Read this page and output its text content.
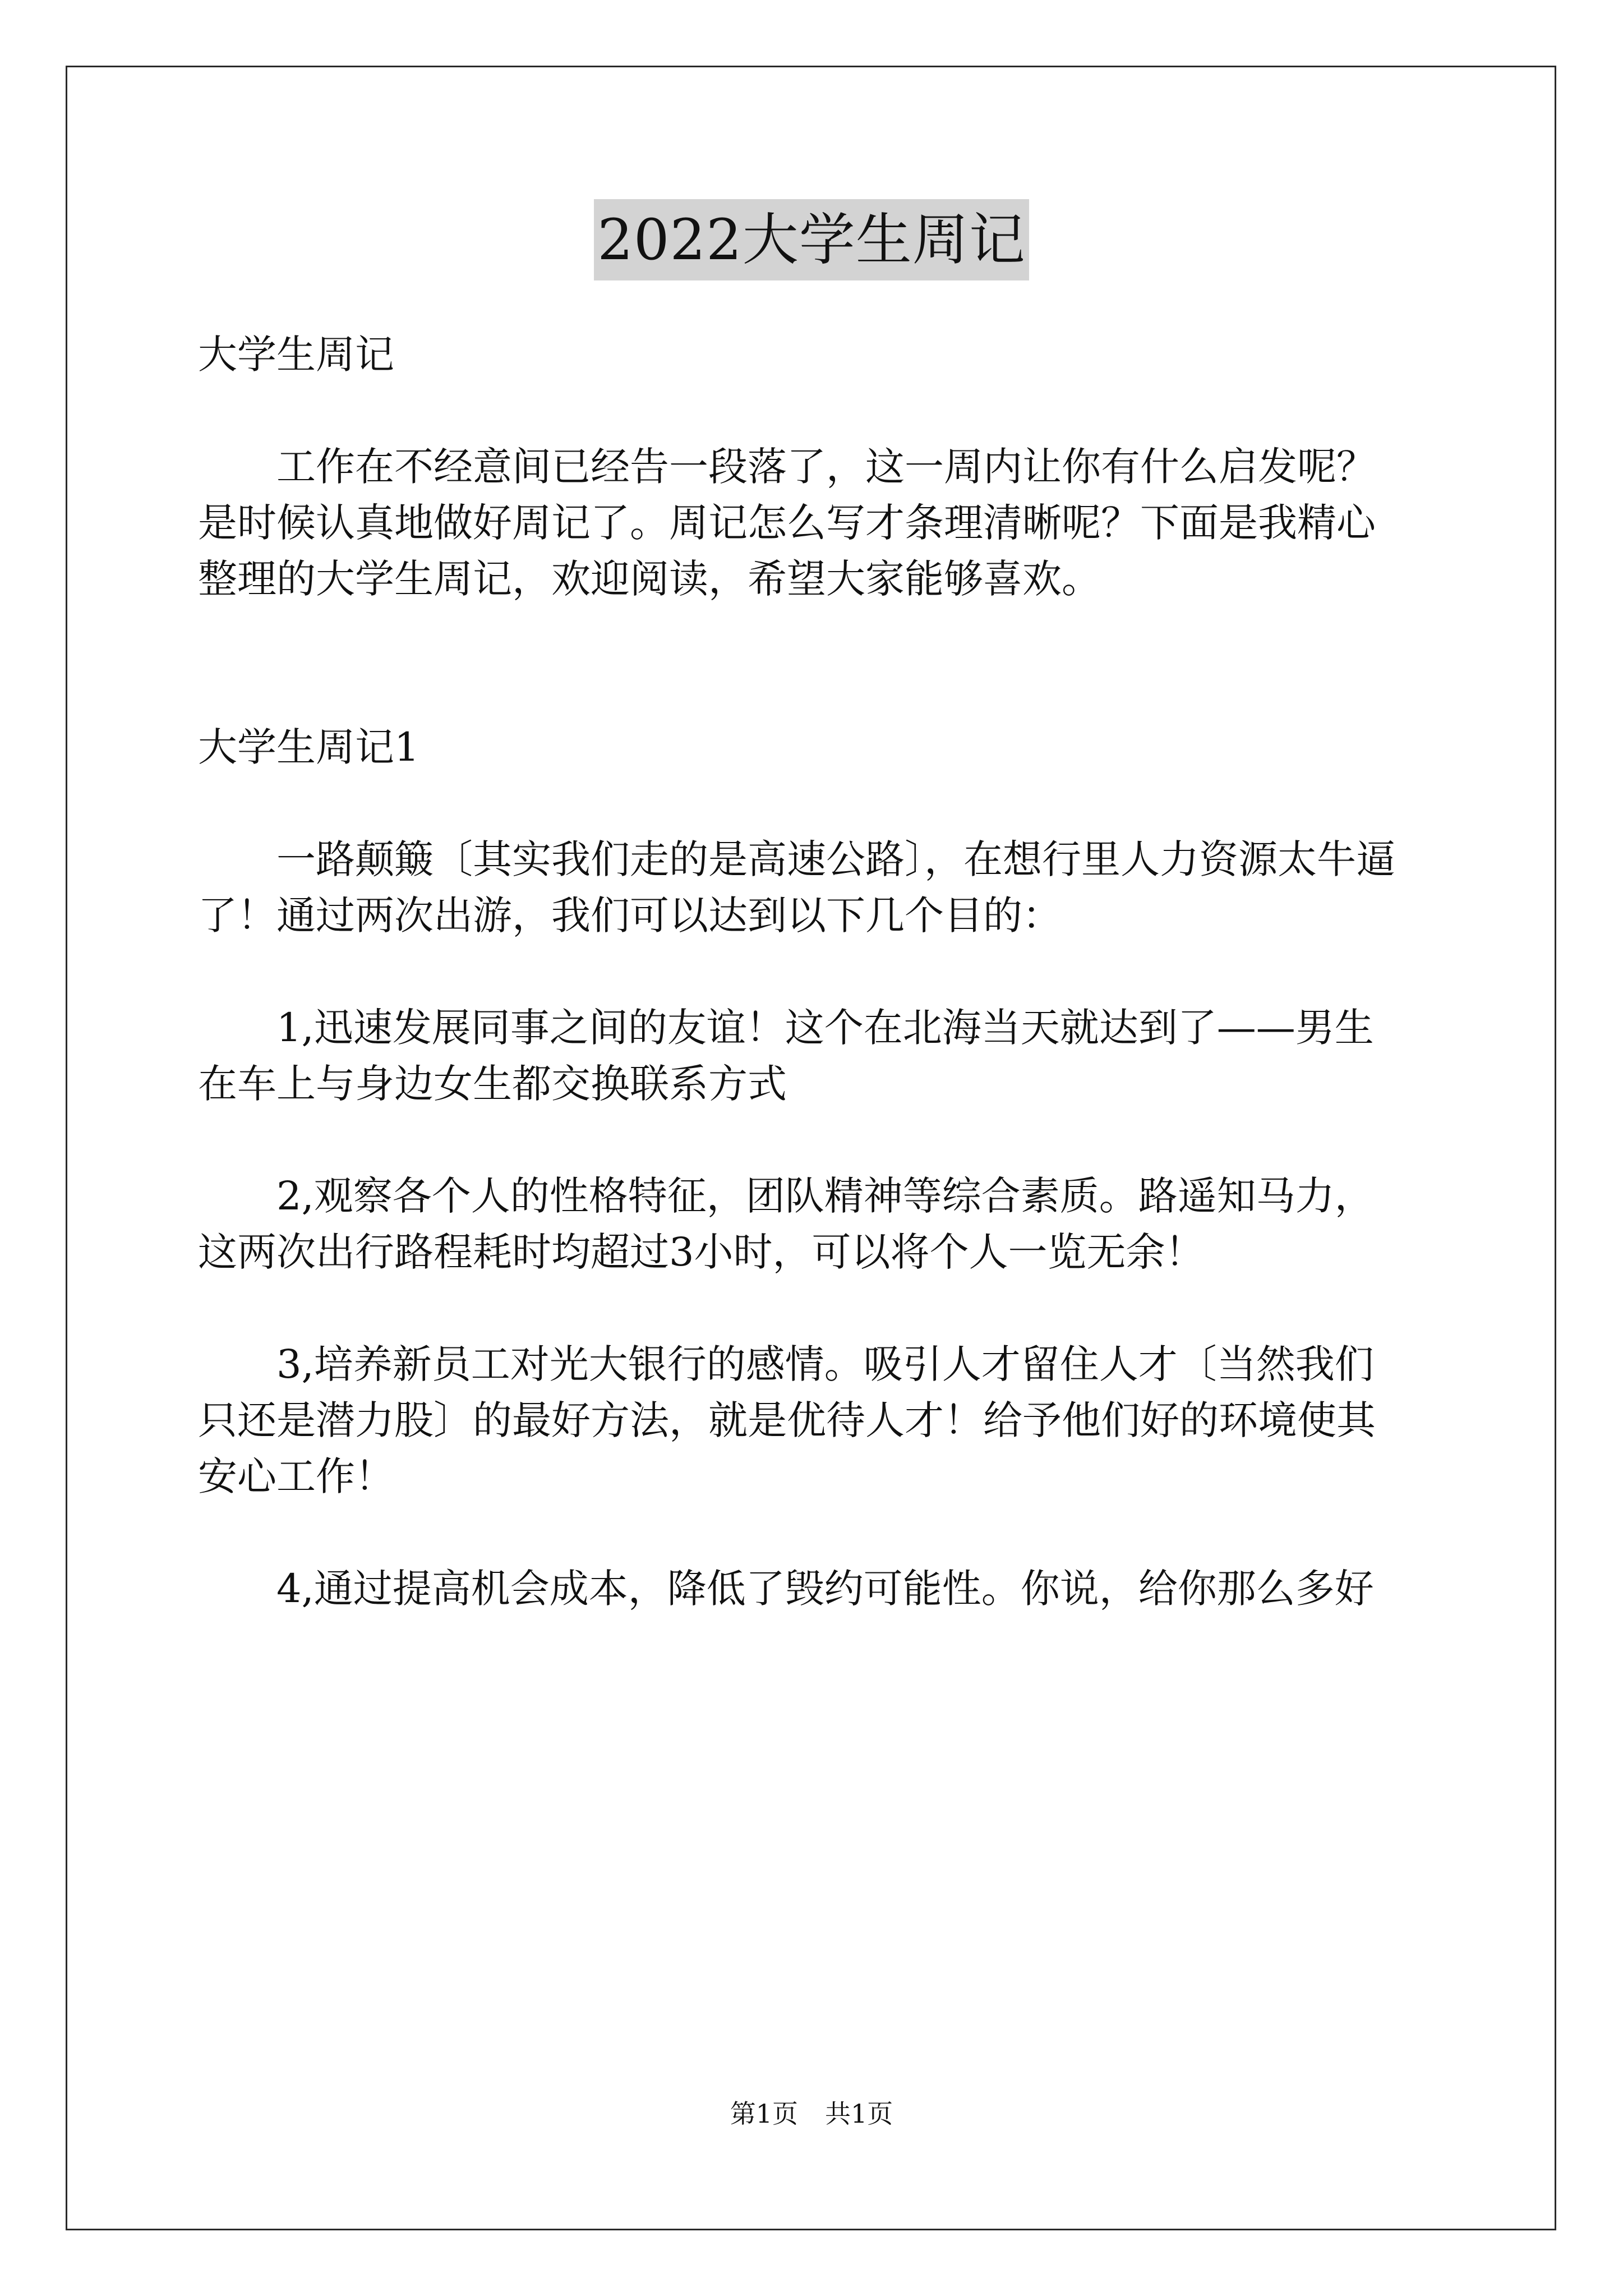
2022大学生周记

大学生周记

工作在不经意间已经告一段落了，这一周内让你有什么启发呢？
是时候认真地做好周记了。周记怎么写才条理清晰呢？下面是我精心
整理的大学生周记，欢迎阅读，希望大家能够喜欢。

大学生周记1

一路颠簸〔其实我们走的是高速公路〕，在想行里人力资源太牛逼
了！通过两次出游，我们可以达到以下几个目的：

1,迅速发展同事之间的友谊！这个在北海当天就达到了——男生
在车上与身边女生都交换联系方式

2,观察各个人的性格特征，团队精神等综合素质。路遥知马力，
这两次出行路程耗时均超过3小时，可以将个人一览无余！

3,培养新员工对光大银行的感情。吸引人才留住人才〔当然我们
只还是潜力股〕的最好方法，就是优待人才！给予他们好的环境使其
安心工作！

4,通过提高机会成本，降低了毁约可能性。你说，给你那么多好

第1页 共1页
